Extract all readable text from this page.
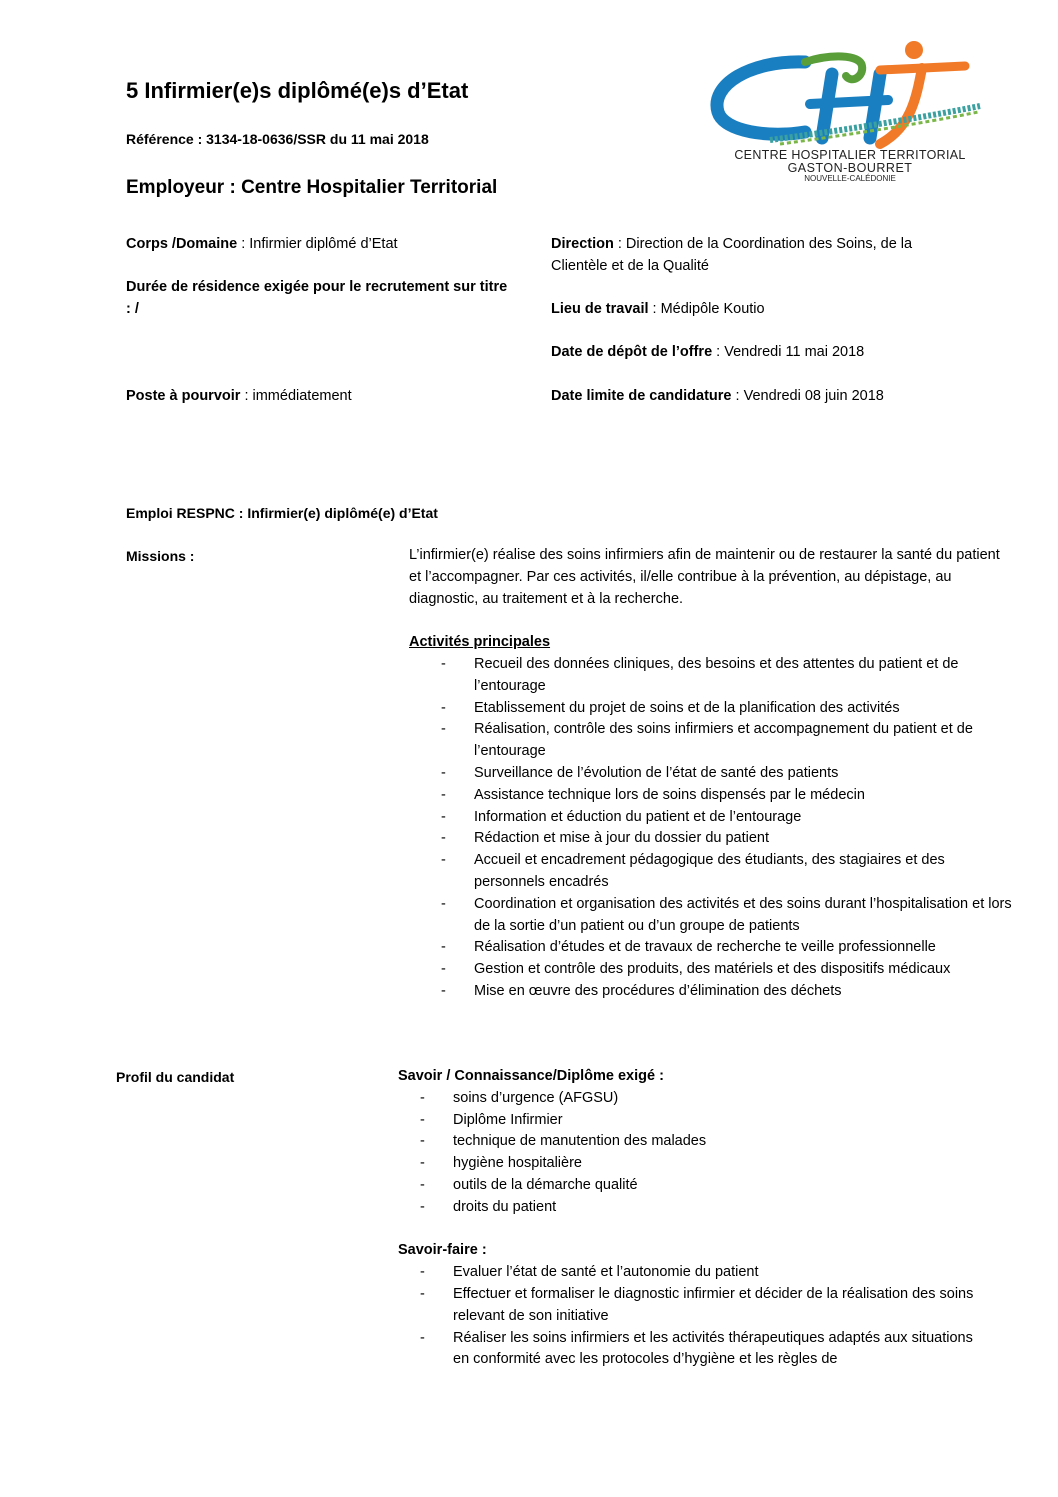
5 Infirmier(e)s diplômé(e)s d’Etat
Référence : 3134-18-0636/SSR du 11 mai 2018
Employeur : Centre Hospitalier Territorial
CENTRE HOSPITALIER TERRITORIAL
GASTON-BOURRET
NOUVELLE-CALÉDONIE
Corps /Domaine : Infirmier diplômé d’Etat
Durée de résidence exigée pour le recrutement sur titre : /
Poste à pourvoir : immédiatement
Direction : Direction de la Coordination des Soins, de la Clientèle et de la Qualité
Lieu de travail : Médipôle Koutio
Date de dépôt de l’offre : Vendredi 11 mai 2018
Date limite de candidature : Vendredi 08 juin 2018
Emploi RESPNC : Infirmier(e) diplômé(e) d’Etat
Missions :	L’infirmier(e) réalise des soins infirmiers afin de maintenir ou de restaurer la santé du patient et l’accompagner. Par ces activités, il/elle contribue à la prévention, au dépistage, au diagnostic, au traitement et à la recherche.
Activités principales
- Recueil des données cliniques, des besoins et des attentes du patient et de l’entourage
- Etablissement du projet de soins et de la planification des activités
- Réalisation, contrôle des soins infirmiers et accompagnement du patient et de l’entourage
- Surveillance de l’évolution de l’état de santé des patients
- Assistance technique lors de soins dispensés par le médecin
- Information et éduction du patient et de l’entourage
- Rédaction et mise à jour du dossier du patient
- Accueil et encadrement pédagogique des étudiants, des stagiaires et des personnels encadrés
- Coordination et organisation des activités et des soins durant l’hospitalisation et lors de la sortie d’un patient ou d’un groupe de patients
- Réalisation d’études et de travaux de recherche te veille professionnelle
- Gestion et contrôle des produits, des matériels et des dispositifs médicaux
- Mise en œuvre des procédures d’élimination des déchets
Profil du candidat	Savoir / Connaissance/Diplôme exigé :
- soins d’urgence (AFGSU)
- Diplôme Infirmier
- technique de manutention des malades
- hygiène hospitalière
- outils de la démarche qualité
- droits du patient
Savoir-faire :
- Evaluer l’état de santé et l’autonomie du patient
- Effectuer et formaliser le diagnostic infirmier et décider de la réalisation des soins relevant de son initiative
- Réaliser les soins infirmiers et les activités thérapeutiques adaptés aux situations en conformité avec les protocoles d’hygiène et les règles de
